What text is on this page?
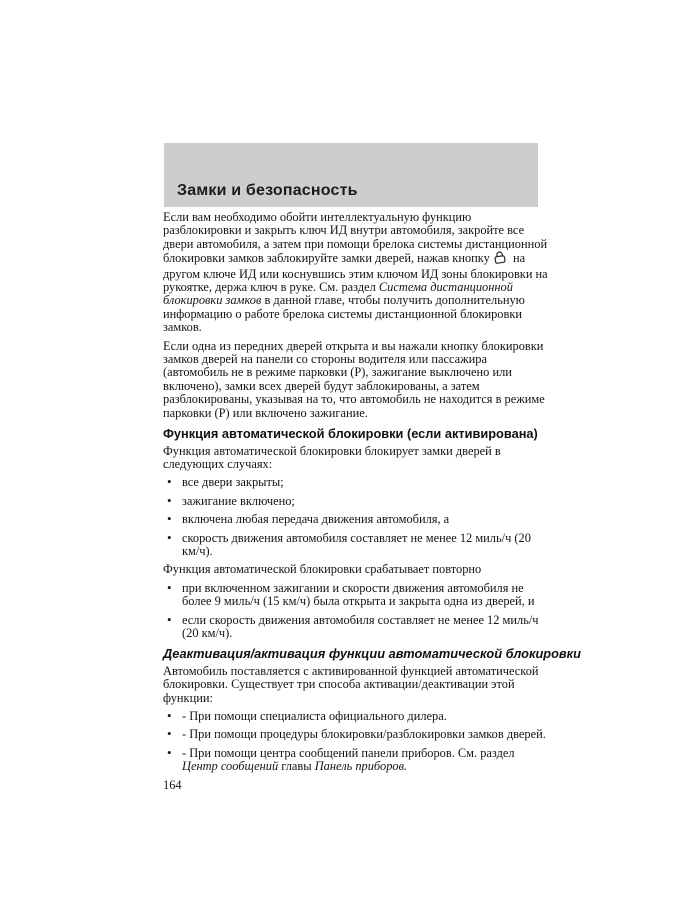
Замки и безопасность

Если вам необходимо обойти интеллектуальную функцию разблокировки и закрыть ключ ИД внутри автомобиля, закройте все двери автомобиля, а затем при помощи брелока системы дистанционной блокировки замков заблокируйте замки дверей, нажав кнопку на другом ключе ИД или коснувшись этим ключом ИД зоны блокировки на рукоятке, держа ключ в руке. См. раздел Система дистанционной блокировки замков в данной главе, чтобы получить дополнительную информацию о работе брелока системы дистанционной блокировки замков.

Если одна из передних дверей открыта и вы нажали кнопку блокировки замков дверей на панели со стороны водителя или пассажира (автомобиль не в режиме парковки (P), зажигание выключено или включено), замки всех дверей будут заблокированы, а затем разблокированы, указывая на то, что автомобиль не находится в режиме парковки (P) или включено зажигание.

Функция автоматической блокировки (если активирована)

Функция автоматической блокировки блокирует замки дверей в следующих случаях:

• все двери закрыты;
• зажигание включено;
• включена любая передача движения автомобиля, а
• скорость движения автомобиля составляет не менее 12 миль/ч (20 км/ч).

Функция автоматической блокировки срабатывает повторно

• при включенном зажигании и скорости движения автомобиля не более 9 миль/ч (15 км/ч) была открыта и закрыта одна из дверей, и
• если скорость движения автомобиля составляет не менее 12 миль/ч (20 км/ч).
Деактивация/активация функции автоматической блокировки

Автомобиль поставляется с активированной функцией автоматической блокировки. Существует три способа активации/деактивации этой функции:

• - При помощи специалиста официального дилера.
• - При помощи процедуры блокировки/разблокировки замков дверей.
• - При помощи центра сообщений панели приборов. См. раздел Центр сообщений главы Панель приборов.
164
